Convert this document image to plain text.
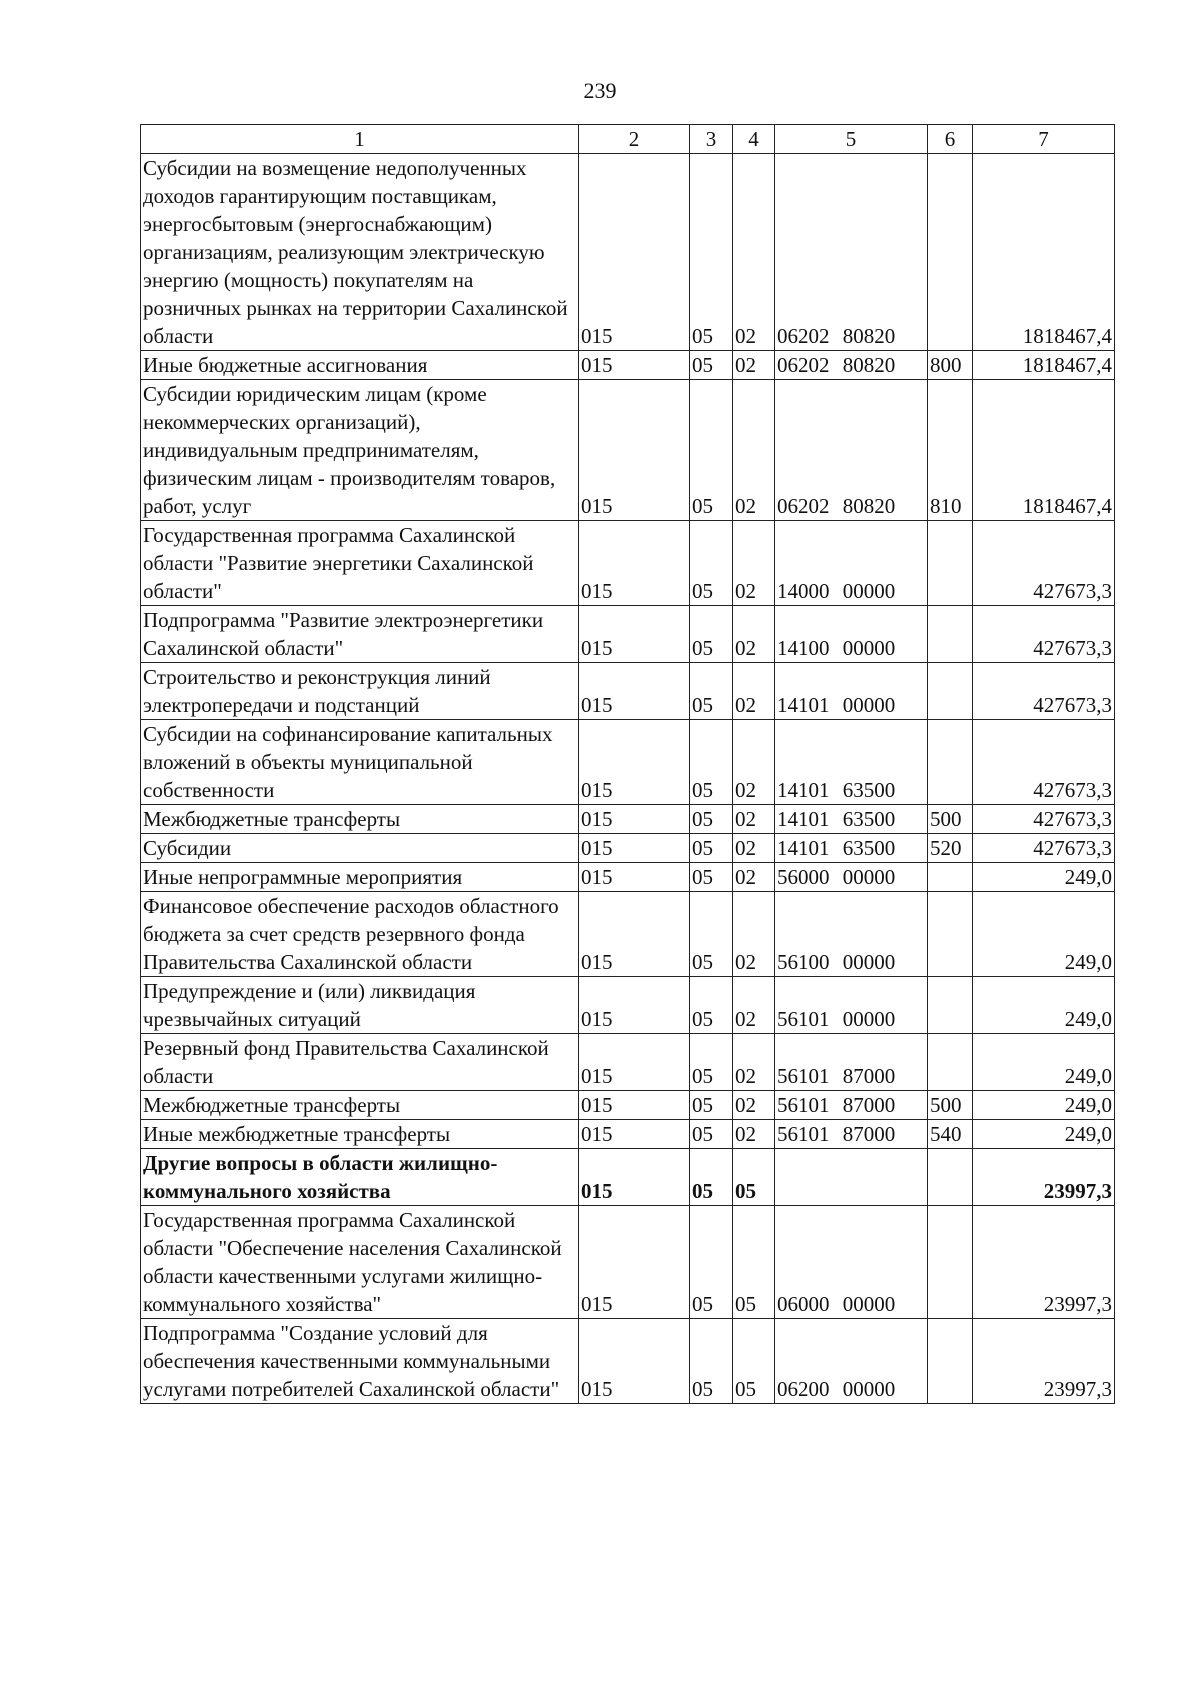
239
1	2	3	4	5	6	7
Субсидии на возмещение недополученных доходов гарантирующим поставщикам, энергосбытовым (энергоснабжающим) организациям, реализующим электрическую энергию (мощность) покупателям на розничных рынках на территории Сахалинской области	015	05	02	06202 80820		1818467,4
Иные бюджетные ассигнования	015	05	02	06202 80820	800	1818467,4
Субсидии юридическим лицам (кроме некоммерческих организаций), индивидуальным предпринимателям, физическим лицам - производителям товаров, работ, услуг	015	05	02	06202 80820	810	1818467,4
Государственная программа Сахалинской области "Развитие энергетики Сахалинской области"	015	05	02	14000 00000		427673,3
Подпрограмма "Развитие электроэнергетики Сахалинской области"	015	05	02	14100 00000		427673,3
Строительство и реконструкция линий электропередачи и подстанций	015	05	02	14101 00000		427673,3
Субсидии на софинансирование капитальных вложений в объекты муниципальной собственности	015	05	02	14101 63500		427673,3
Межбюджетные трансферты	015	05	02	14101 63500	500	427673,3
Субсидии	015	05	02	14101 63500	520	427673,3
Иные непрограммные мероприятия	015	05	02	56000 00000		249,0
Финансовое обеспечение расходов областного бюджета за счет средств резервного фонда Правительства Сахалинской области	015	05	02	56100 00000		249,0
Предупреждение и (или) ликвидация чрезвычайных ситуаций	015	05	02	56101 00000		249,0
Резервный фонд Правительства Сахалинской области	015	05	02	56101 87000		249,0
Межбюджетные трансферты	015	05	02	56101 87000	500	249,0
Иные межбюджетные трансферты	015	05	02	56101 87000	540	249,0
Другие вопросы в области жилищно-коммунального хозяйства	015	05	05			23997,3
Государственная программа Сахалинской области "Обеспечение населения Сахалинской области качественными услугами жилищно-коммунального хозяйства"	015	05	05	06000 00000		23997,3
Подпрограмма "Создание условий для обеспечения качественными коммунальными услугами потребителей Сахалинской области"	015	05	05	06200 00000		23997,3
